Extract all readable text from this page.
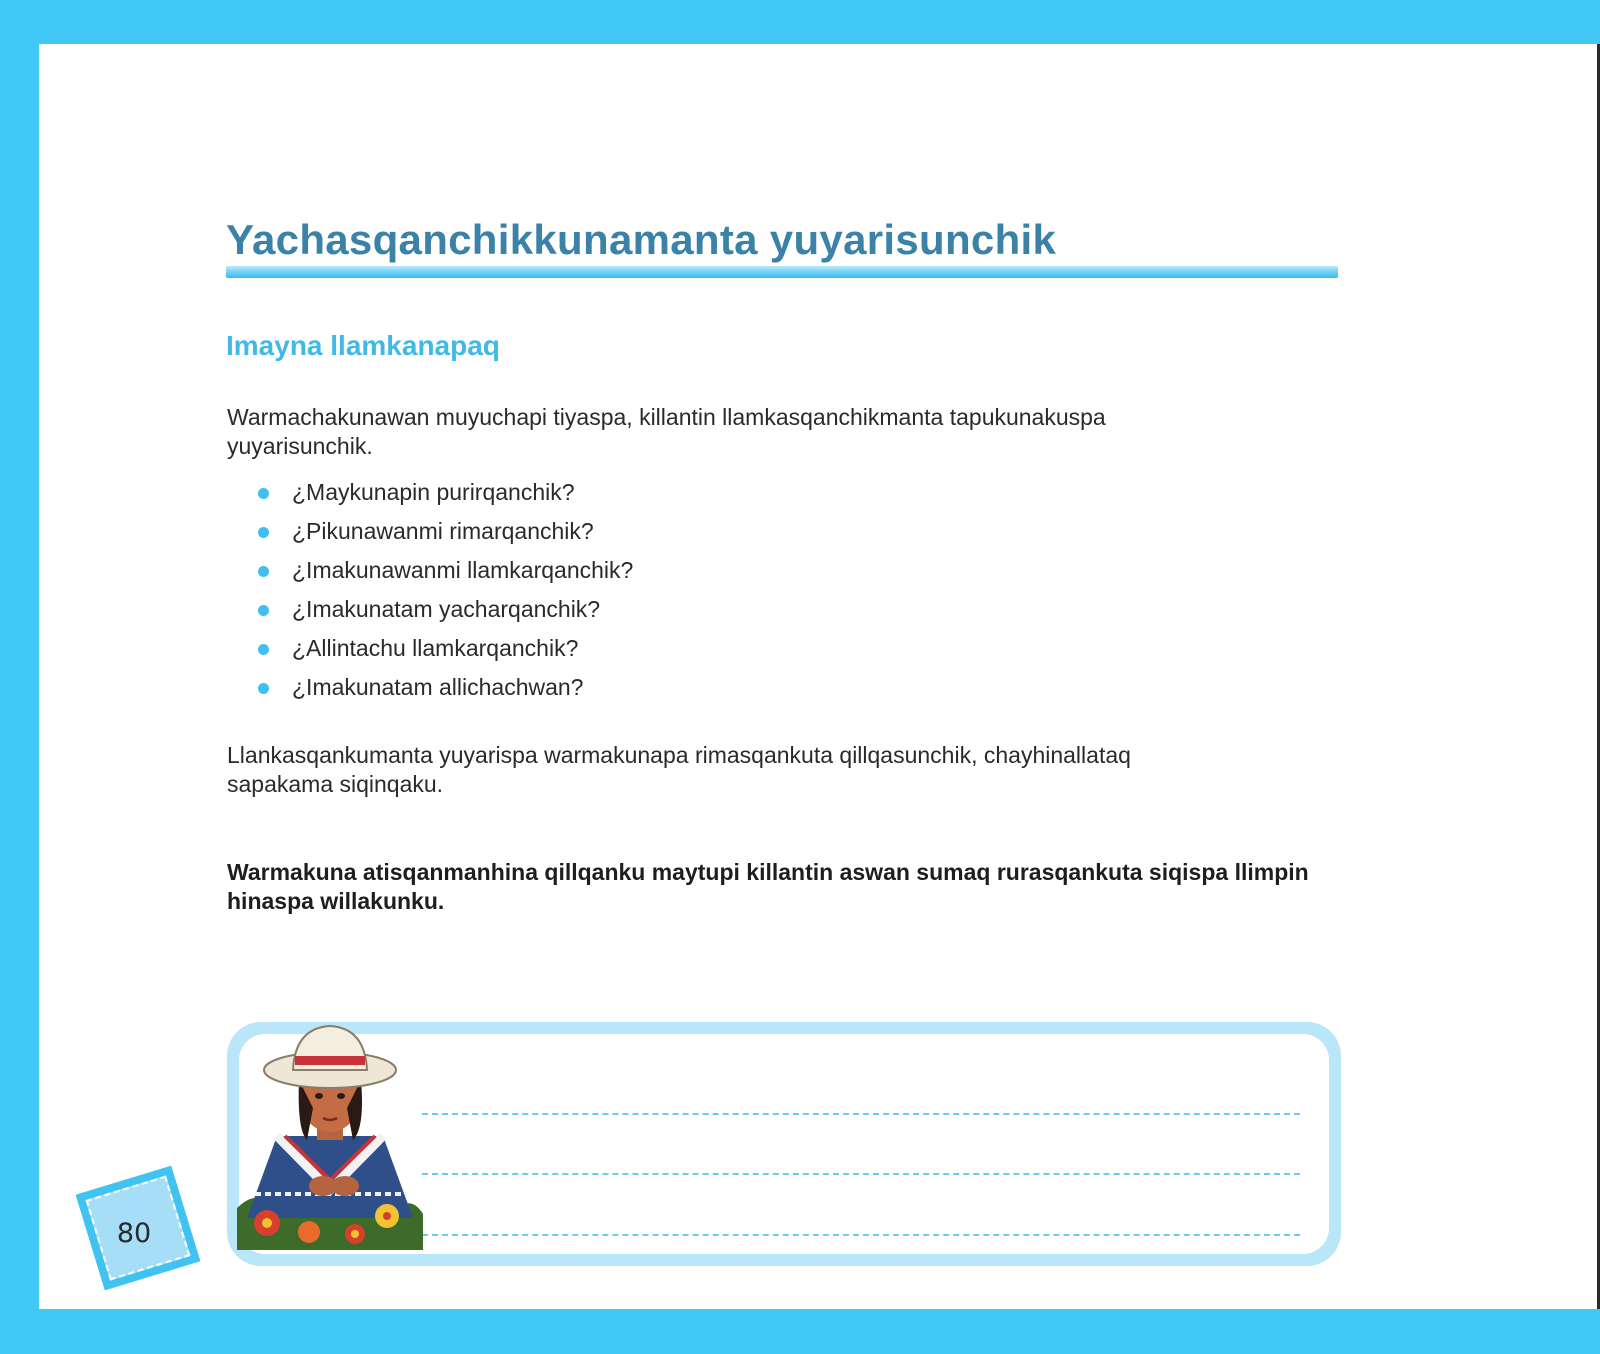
Yachasqanchikkunamanta yuyarisunchik
Imayna llamkanapaq

Warmachakunawan muyuchapi tiyaspa, killantin llamkasqanchikmanta tapukunakuspa yuyarisunchik.

¿Maykunapin purirqanchik?
¿Pikunawanmi rimarqanchik?
¿Imakunawanmi llamkarqanchik?
¿Imakunatam yacharqanchik?
¿Allintachu llamkarqanchik?
¿Imakunatam allichachwan?

Llankasqankumanta yuyarispa warmakunapa rimasqankuta qillqasunchik, chayhinallataq sapakama siqinqaku.

Warmakuna atisqanmanhina qillqanku maytupi killantin aswan sumaq rurasqankuta siqispa llimpin hinaspa willakunku.

80
